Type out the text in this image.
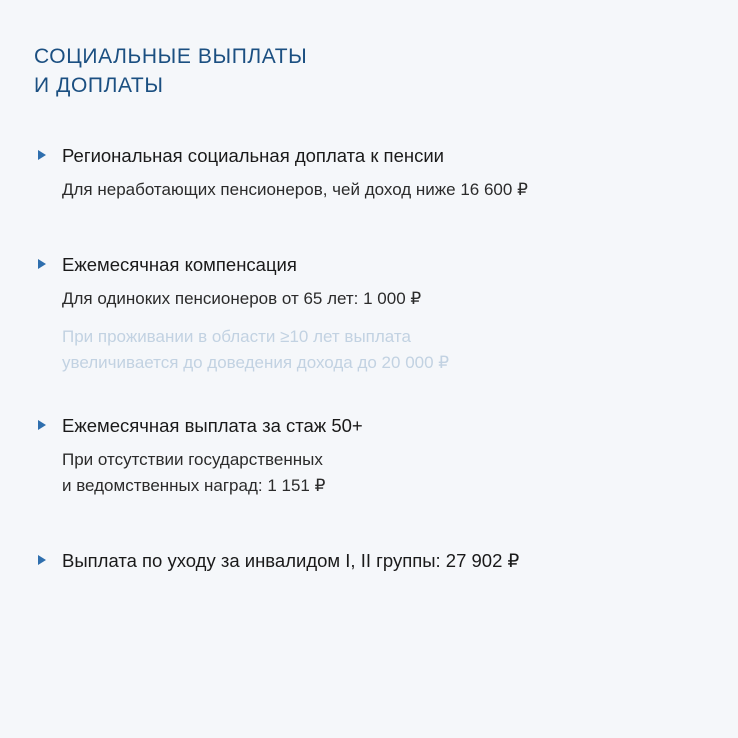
СОЦИАЛЬНЫЕ ВЫПЛАТЫ
И ДОПЛАТЫ

Региональная социальная доплата к пенсии

Для неработающих пенсионеров, чей доход ниже 16 600 ₽

Ежемесячная компенсация

Для одиноких пенсионеров от 65 лет: 1 000 ₽

При проживании в области ≥10 лет выплата
увеличивается до доведения дохода до 20 000 ₽

Ежемесячная выплата за стаж 50+

При отсутствии государственных
и ведомственных наград: 1 151 ₽

Выплата по уходу за инвалидом I, II группы: 27 902 ₽
